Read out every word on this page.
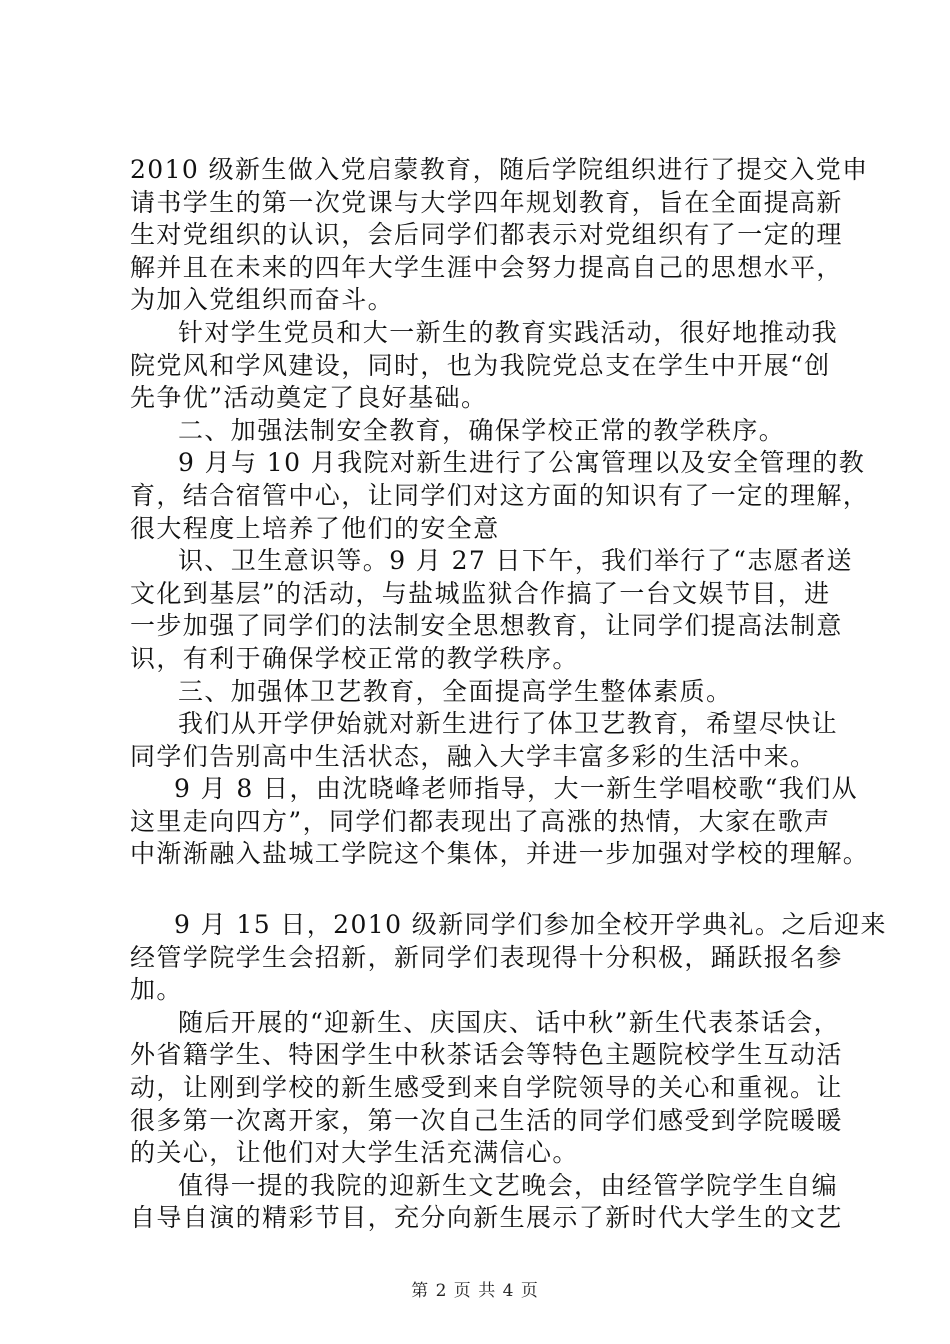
2010 级新生做入党启蒙教育，随后学院组织进行了提交入党申
请书学生的第一次党课与大学四年规划教育，旨在全面提高新
生对党组织的认识，会后同学们都表示对党组织有了一定的理
解并且在未来的四年大学生涯中会努力提高自己的思想水平，
为加入党组织而奋斗。
针对学生党员和大一新生的教育实践活动，很好地推动我
院党风和学风建设，同时，也为我院党总支在学生中开展“创
先争优”活动奠定了良好基础。
二、加强法制安全教育，确保学校正常的教学秩序。
9 月与 10 月我院对新生进行了公寓管理以及安全管理的教
育，结合宿管中心，让同学们对这方面的知识有了一定的理解，
很大程度上培养了他们的安全意
识、卫生意识等。9 月 27 日下午，我们举行了“志愿者送
文化到基层”的活动，与盐城监狱合作搞了一台文娱节目，进
一步加强了同学们的法制安全思想教育，让同学们提高法制意
识，有利于确保学校正常的教学秩序。
三、加强体卫艺教育，全面提高学生整体素质。
我们从开学伊始就对新生进行了体卫艺教育，希望尽快让
同学们告别高中生活状态，融入大学丰富多彩的生活中来。
9 月 8 日，由沈晓峰老师指导，大一新生学唱校歌“我们从
这里走向四方”，同学们都表现出了高涨的热情，大家在歌声
中渐渐融入盐城工学院这个集体，并进一步加强对学校的理解。
9 月 15 日，2010 级新同学们参加全校开学典礼。之后迎来
经管学院学生会招新，新同学们表现得十分积极，踊跃报名参
加。
随后开展的“迎新生、庆国庆、话中秋”新生代表茶话会，
外省籍学生、特困学生中秋茶话会等特色主题院校学生互动活
动，让刚到学校的新生感受到来自学院领导的关心和重视。让
很多第一次离开家，第一次自己生活的同学们感受到学院暖暖
的关心，让他们对大学生活充满信心。
值得一提的我院的迎新生文艺晚会，由经管学院学生自编
自导自演的精彩节目，充分向新生展示了新时代大学生的文艺
第 2 页 共 4 页
